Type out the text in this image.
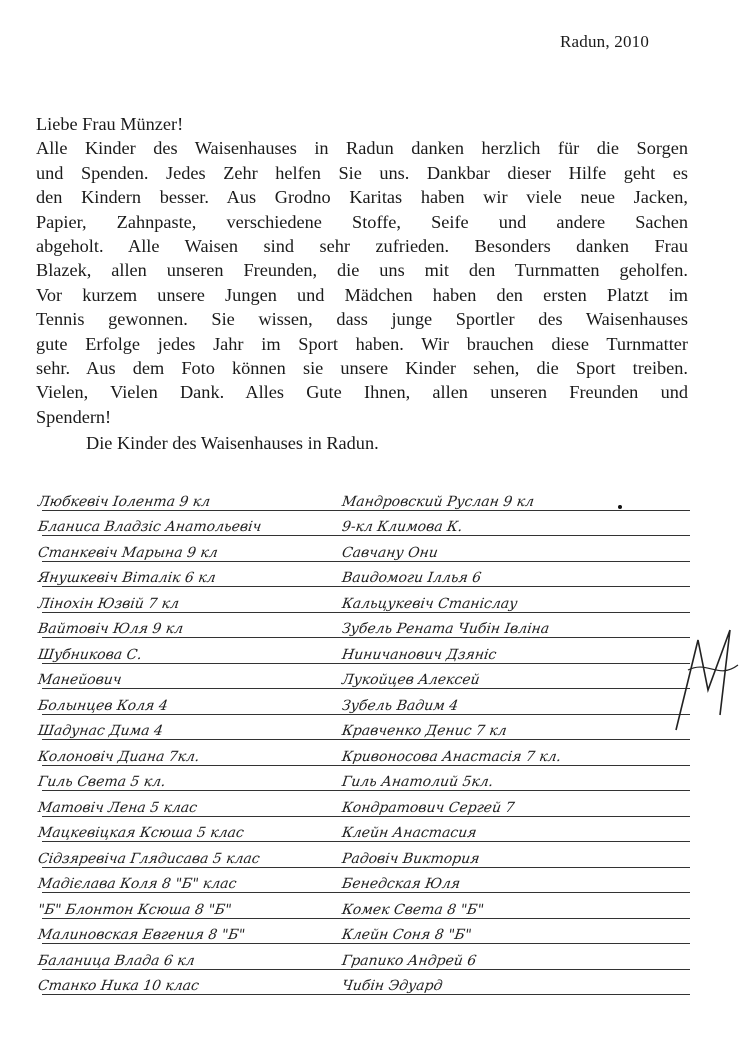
Radun, 2010

Liebe Frau Münzer!

Alle Kinder des Waisenhauses in Radun danken herzlich für die Sorgen

und Spenden. Jedes Zehr helfen Sie uns. Dankbar dieser Hilfe geht es

den Kindern besser. Aus Grodno Karitas haben wir viele neue Jacken,

Papier, Zahnpaste, verschiedene Stoffe, Seife und andere Sachen

abgeholt. Alle Waisen sind sehr zufrieden. Besonders danken Frau

Blazek, allen unseren Freunden, die uns mit den Turnmatten geholfen.

Vor kurzem unsere Jungen und Mädchen haben den ersten Platzt im

Tennis gewonnen. Sie wissen, dass junge Sportler des Waisenhauses

gute Erfolge jedes Jahr im Sport haben. Wir brauchen diese Turnmatter

sehr. Aus dem Foto können sie unsere Kinder sehen, die Sport treiben.

Vielen, Vielen Dank. Alles Gute Ihnen, allen unseren Freunden und

Spendern!

Die Kinder des Waisenhauses in Radun.

Любкевіч Іолента 9 кл	Мандровский Руслан 9 кл
Бланиса Владзіс Анатольевіч	9-кл Климова К.
Станкевіч Марына 9 кл	Савчану Они
Янушкевіч Віталік 6 кл	Ваидомоги Іллья 6
Лінохін Юзвій 7 кл	Кальцукевіч Станіслау
Вайтовіч Юля 9 кл	Зубель Рената Чибін Івліна
Шубникова С.	Ниничанович Дзяніс
Манейович	Лукойцев Алексей
Болынцев Коля 4	Зубель Вадим 4
Шадунас Дима 4	Кравченко Денис 7 кл
Колоновіч Диана 7кл.	Кривоносова Анастасія 7 кл.
Гиль Света 5 кл.	Гиль Анатолий 5кл.
Матовіч Лена 5 клас	Кондратович Сергей 7
Мацкевіцкая Ксюша 5 клас	Клейн Анастасия
Сідзяревіча Глядисава 5 клас	Радовіч Виктория
Мадієлава Коля 8 "Б" клас	Бенедская Юля
"Б" Блонтон Ксюша 8 "Б"	Комек Света 8 "Б"
Малиновская Евгения 8 "Б"	Клейн Соня 8 "Б"
Баланица Влада 6 кл	Грапико Андрей 6
Станко Ника 10 клас	Чибін Эдуард
